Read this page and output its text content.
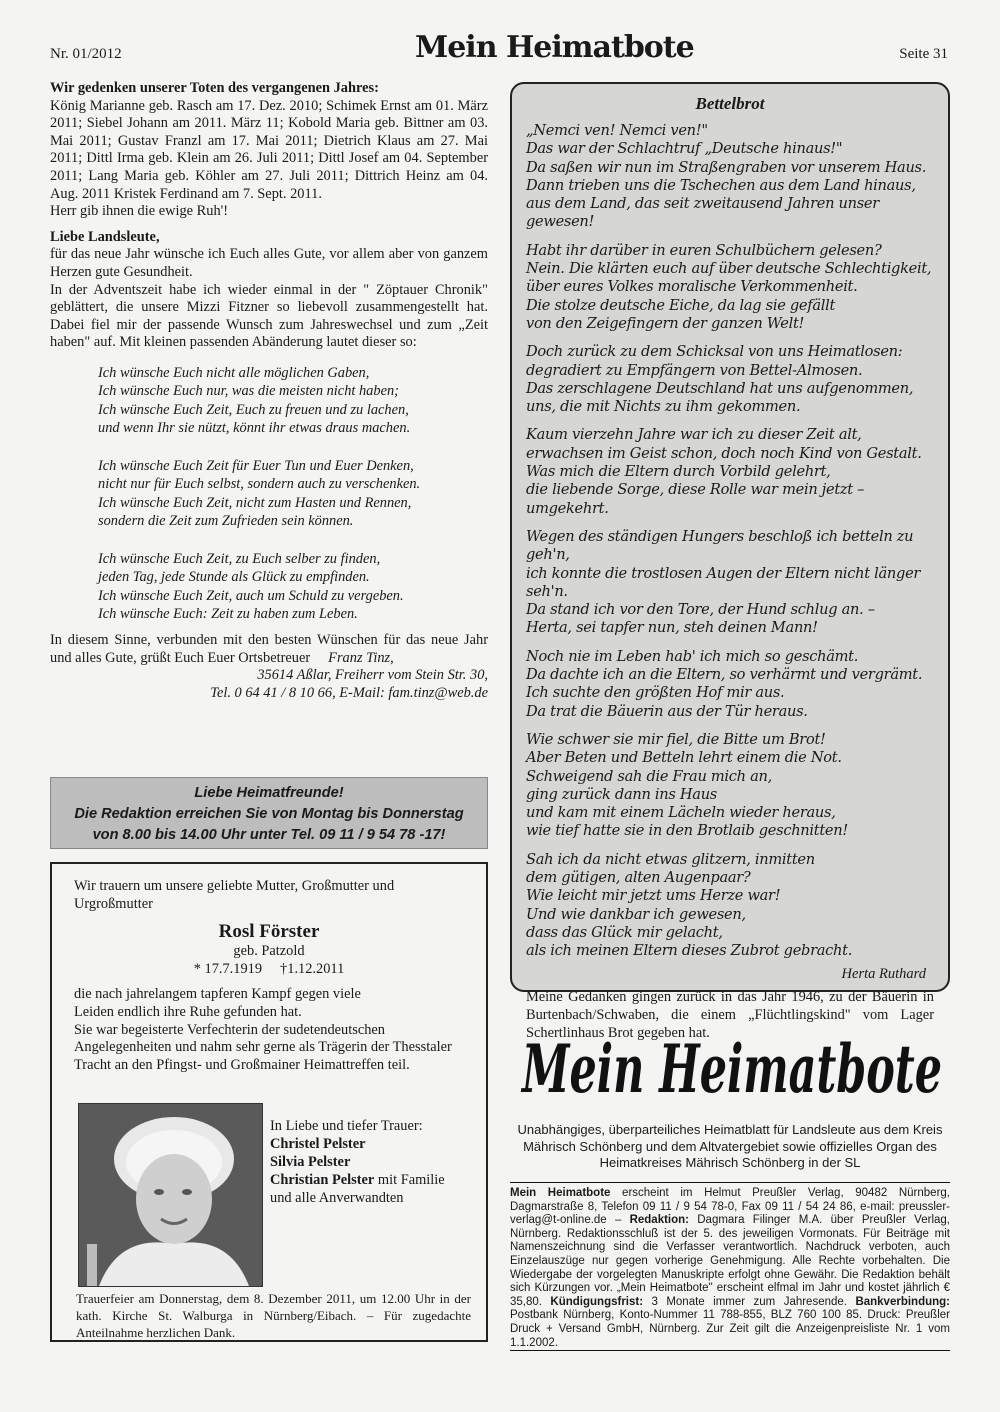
Nr. 01/2012	Mein Heimatbote	Seite 31

Wir gedenken unserer Toten des vergangenen Jahres:

König Marianne geb. Rasch am 17. Dez. 2010; Schimek Ernst am 01. März 2011; Siebel Johann am 2011. März 11; Kobold Maria geb. Bittner am 03. Mai 2011; Gustav Franzl am 17. Mai 2011; Dietrich Klaus am 27. Mai 2011; Dittl Irma geb. Klein am 26. Juli 2011; Dittl Josef am 04. September 2011; Lang Maria geb. Köhler am 27. Juli 2011; Dittrich Heinz am 04. Aug. 2011 Kristek Ferdinand am 7. Sept. 2011.

Herr gib ihnen die ewige Ruh'!

Liebe Landsleute,

für das neue Jahr wünsche ich Euch alles Gute, vor allem aber von ganzem Herzen gute Gesundheit.

In der Adventszeit habe ich wieder einmal in der " Zöptauer Chronik" geblättert, die unsere Mizzi Fitzner so liebevoll zusammengestellt hat. Dabei fiel mir der passende Wunsch zum Jahreswechsel und zum „Zeit haben" auf. Mit kleinen passenden Abänderung lautet dieser so:

Ich wünsche Euch nicht alle möglichen Gaben,
Ich wünsche Euch nur, was die meisten nicht haben;
Ich wünsche Euch Zeit, Euch zu freuen und zu lachen,
und wenn Ihr sie nützt, könnt ihr etwas draus machen.
Ich wünsche Euch Zeit für Euer Tun und Euer Denken,
nicht nur für Euch selbst, sondern auch zu verschenken.
Ich wünsche Euch Zeit, nicht zum Hasten und Rennen,
sondern die Zeit zum Zufrieden sein können.
Ich wünsche Euch Zeit, zu Euch selber zu finden,
jeden Tag, jede Stunde als Glück zu empfinden.
Ich wünsche Euch Zeit, auch um Schuld zu vergeben.
Ich wünsche Euch: Zeit zu haben zum Leben.

In diesem Sinne, verbunden mit den besten Wünschen für das neue Jahr und alles Gute, grüßt Euch Euer Ortsbetreuer Franz Tinz,

35614 Aßlar, Freiherr vom Stein Str. 30,

Tel. 0 64 41 / 8 10 66, E-Mail: fam.tinz@web.de

Liebe Heimatfreunde!
Die Redaktion erreichen Sie von Montag bis Donnerstag
von 8.00 bis 14.00 Uhr unter Tel. 09 11 / 9 54 78 -17!
Wir trauern um unsere geliebte Mutter, Großmutter und Urgroßmutter
Rosl Förster
geb. Patzold
* 17.7.1919     †1.12.2011
die nach jahrelangem tapferen Kampf gegen viele Leiden endlich ihre Ruhe gefunden hat.
Sie war begeisterte Verfechterin der sudetendeutschen Angelegenheiten und nahm sehr gerne als Trägerin der Thesstaler Tracht an den Pfingst- und Großmainer Heimattreffen teil.
In Liebe und tiefer Trauer:
Christel Pelster
Silvia Pelster
Christian Pelster mit Familie
und alle Anverwandten
Trauerfeier am Donnerstag, dem 8. Dezember 2011, um 12.00 Uhr in der kath. Kirche St. Walburga in Nürnberg/Eibach. – Für zugedachte Anteilnahme herzlichen Dank.
Bettelbrot
„Nemci ven! Nemci ven!"
Das war der Schlachtruf „Deutsche hinaus!"
Da saßen wir nun im Straßengraben vor unserem Haus.
Dann trieben uns die Tschechen aus dem Land hinaus,
aus dem Land, das seit zweitausend Jahren unser gewesen!
Habt ihr darüber in euren Schulbüchern gelesen?
Nein. Die klärten euch auf über deutsche Schlechtigkeit,
über eures Volkes moralische Verkommenheit.
Die stolze deutsche Eiche, da lag sie gefällt
von den Zeigefingern der ganzen Welt!
Doch zurück zu dem Schicksal von uns Heimatlosen:
degradiert zu Empfängern von Bettel-Almosen.
Das zerschlagene Deutschland hat uns aufgenommen,
uns, die mit Nichts zu ihm gekommen.
Kaum vierzehn Jahre war ich zu dieser Zeit alt,
erwachsen im Geist schon, doch noch Kind von Gestalt.
Was mich die Eltern durch Vorbild gelehrt,
die liebende Sorge, diese Rolle war mein jetzt – umgekehrt.
Wegen des ständigen Hungers beschloß ich betteln zu geh'n,
ich konnte die trostlosen Augen der Eltern nicht länger seh'n.
Da stand ich vor den Tore, der Hund schlug an. –
Herta, sei tapfer nun, steh deinen Mann!
Noch nie im Leben hab' ich mich so geschämt.
Da dachte ich an die Eltern, so verhärmt und vergrämt.
Ich suchte den größten Hof mir aus.
Da trat die Bäuerin aus der Tür heraus.
Wie schwer sie mir fiel, die Bitte um Brot!
Aber Beten und Betteln lehrt einem die Not.
Schweigend sah die Frau mich an,
ging zurück dann ins Haus
und kam mit einem Lächeln wieder heraus,
wie tief hatte sie in den Brotlaib geschnitten!
Sah ich da nicht etwas glitzern, inmitten
dem gütigen, alten Augenpaar?
Wie leicht mir jetzt ums Herze war!
Und wie dankbar ich gewesen,
dass das Glück mir gelacht,
als ich meinen Eltern dieses Zubrot gebracht.
Herta Ruthard
Meine Gedanken gingen zurück in das Jahr 1946, zu der Bäuerin in Burtenbach/Schwaben, die einem „Flüchtlingskind" vom Lager Schertlinhaus Brot gegeben hat.
Mein Heimatbote
Unabhängiges, überparteiliches Heimatblatt für Landsleute aus dem Kreis Mährisch Schönberg und dem Altvatergebiet sowie offizielles Organ des Heimatkreises Mährisch Schönberg in der SL
Mein Heimatbote erscheint im Helmut Preußler Verlag, 90482 Nürnberg, Dagmarstraße 8, Telefon 09 11 / 9 54 78-0, Fax 09 11 / 54 24 86, e-mail: preussler-verlag@t-online.de – Redaktion: Dagmara Filinger M.A. über Preußler Verlag, Nürnberg. Redaktionsschluß ist der 5. des jeweiligen Vormonats. Für Beiträge mit Namenszeichnung sind die Verfasser verantwortlich. Nachdruck verboten, auch Einzelauszüge nur gegen vorherige Genehmigung. Alle Rechte vorbehalten. Die Wiedergabe der vorgelegten Manuskripte erfolgt ohne Gewähr. Die Redaktion behält sich Kürzungen vor. „Mein Heimatbote" erscheint elfmal im Jahr und kostet jährlich € 35,80. Kündigungsfrist: 3 Monate immer zum Jahresende. Bankverbindung: Postbank Nürnberg, Konto-Nummer 11 788-855, BLZ 760 100 85. Druck: Preußler Druck + Versand GmbH, Nürnberg. Zur Zeit gilt die Anzeigenpreisliste Nr. 1 vom 1.1.2002.
